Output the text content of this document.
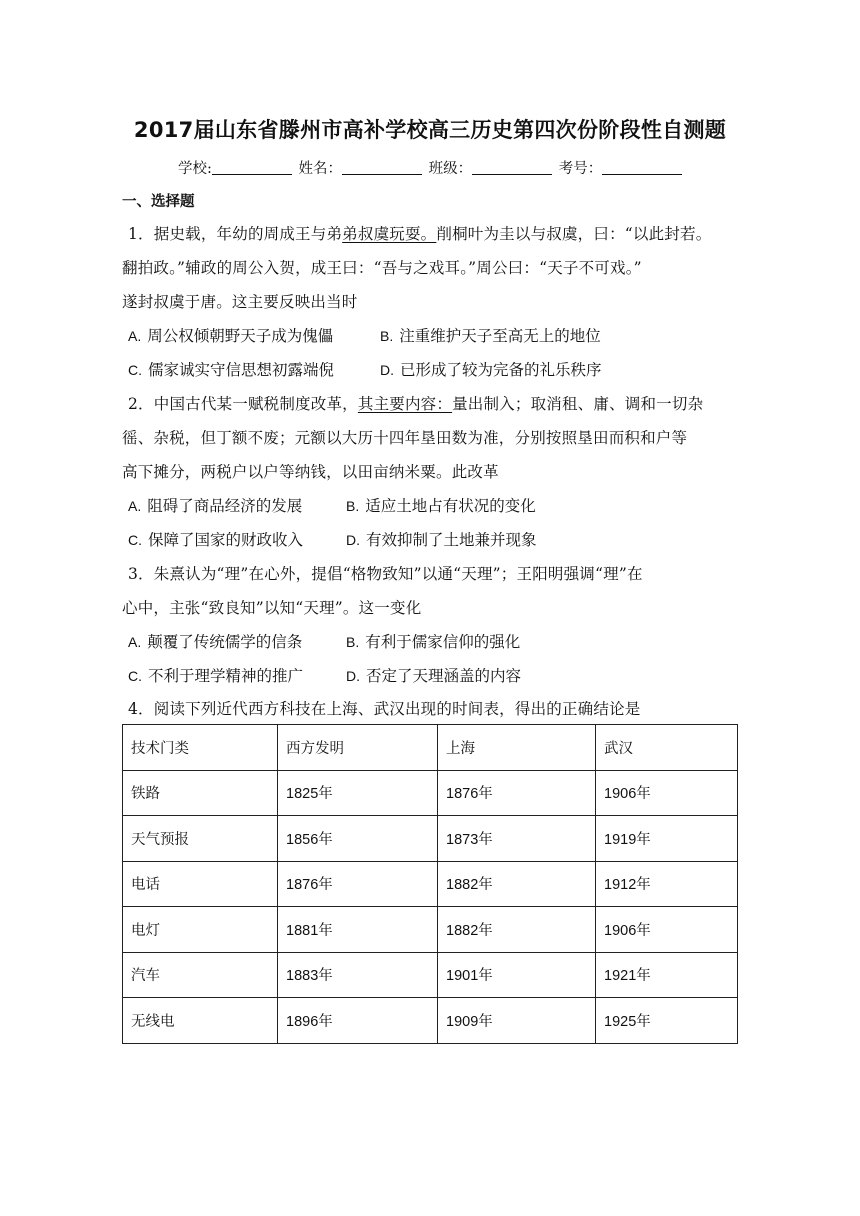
2017届山东省滕州市高补学校高三历史第四次份阶段性自测题
学校:	姓名：	班级：	考号：
一、选择题
1．据史载，年幼的周成王与弟弟叔虞玩耍。削桐叶为圭以与叔虞，曰：“以此封若。
翻拍政。”辅政的周公入贺，成王曰：“吾与之戏耳。”周公曰：“天子不可戏。”
遂封叔虞于唐。这主要反映出当时
A. 周公权倾朝野天子成为傀儡	B. 注重维护天子至高无上的地位
C. 儒家诚实守信思想初露端倪	D. 已形成了较为完备的礼乐秩序
2．中国古代某一赋税制度改革，其主要内容：量出制入；取消租、庸、调和一切杂
徭、杂税，但丁额不废；元额以大历十四年垦田数为准，分别按照垦田而积和户等
高下摊分，两税户以户等纳钱，以田亩纳米粟。此改革
A. 阻碍了商品经济的发展	B. 适应土地占有状况的变化
C. 保障了国家的财政收入	D. 有效抑制了土地兼并现象
3．朱熹认为“理”在心外，提倡“格物致知”以通“天理”；王阳明强调“理”在
心中，主张“致良知”以知“天理”。这一变化
A. 颠覆了传统儒学的信条	B. 有利于儒家信仰的强化
C. 不利于理学精神的推广	D. 否定了天理涵盖的内容
4．阅读下列近代西方科技在上海、武汉出现的时间表，得出的正确结论是
技术门类	西方发明	上海	武汉
铁路	1825年	1876年	1906年
天气预报	1856年	1873年	1919年
电话	1876年	1882年	1912年
电灯	1881年	1882年	1906年
汽车	1883年	1901年	1921年
无线电	1896年	1909年	1925年
